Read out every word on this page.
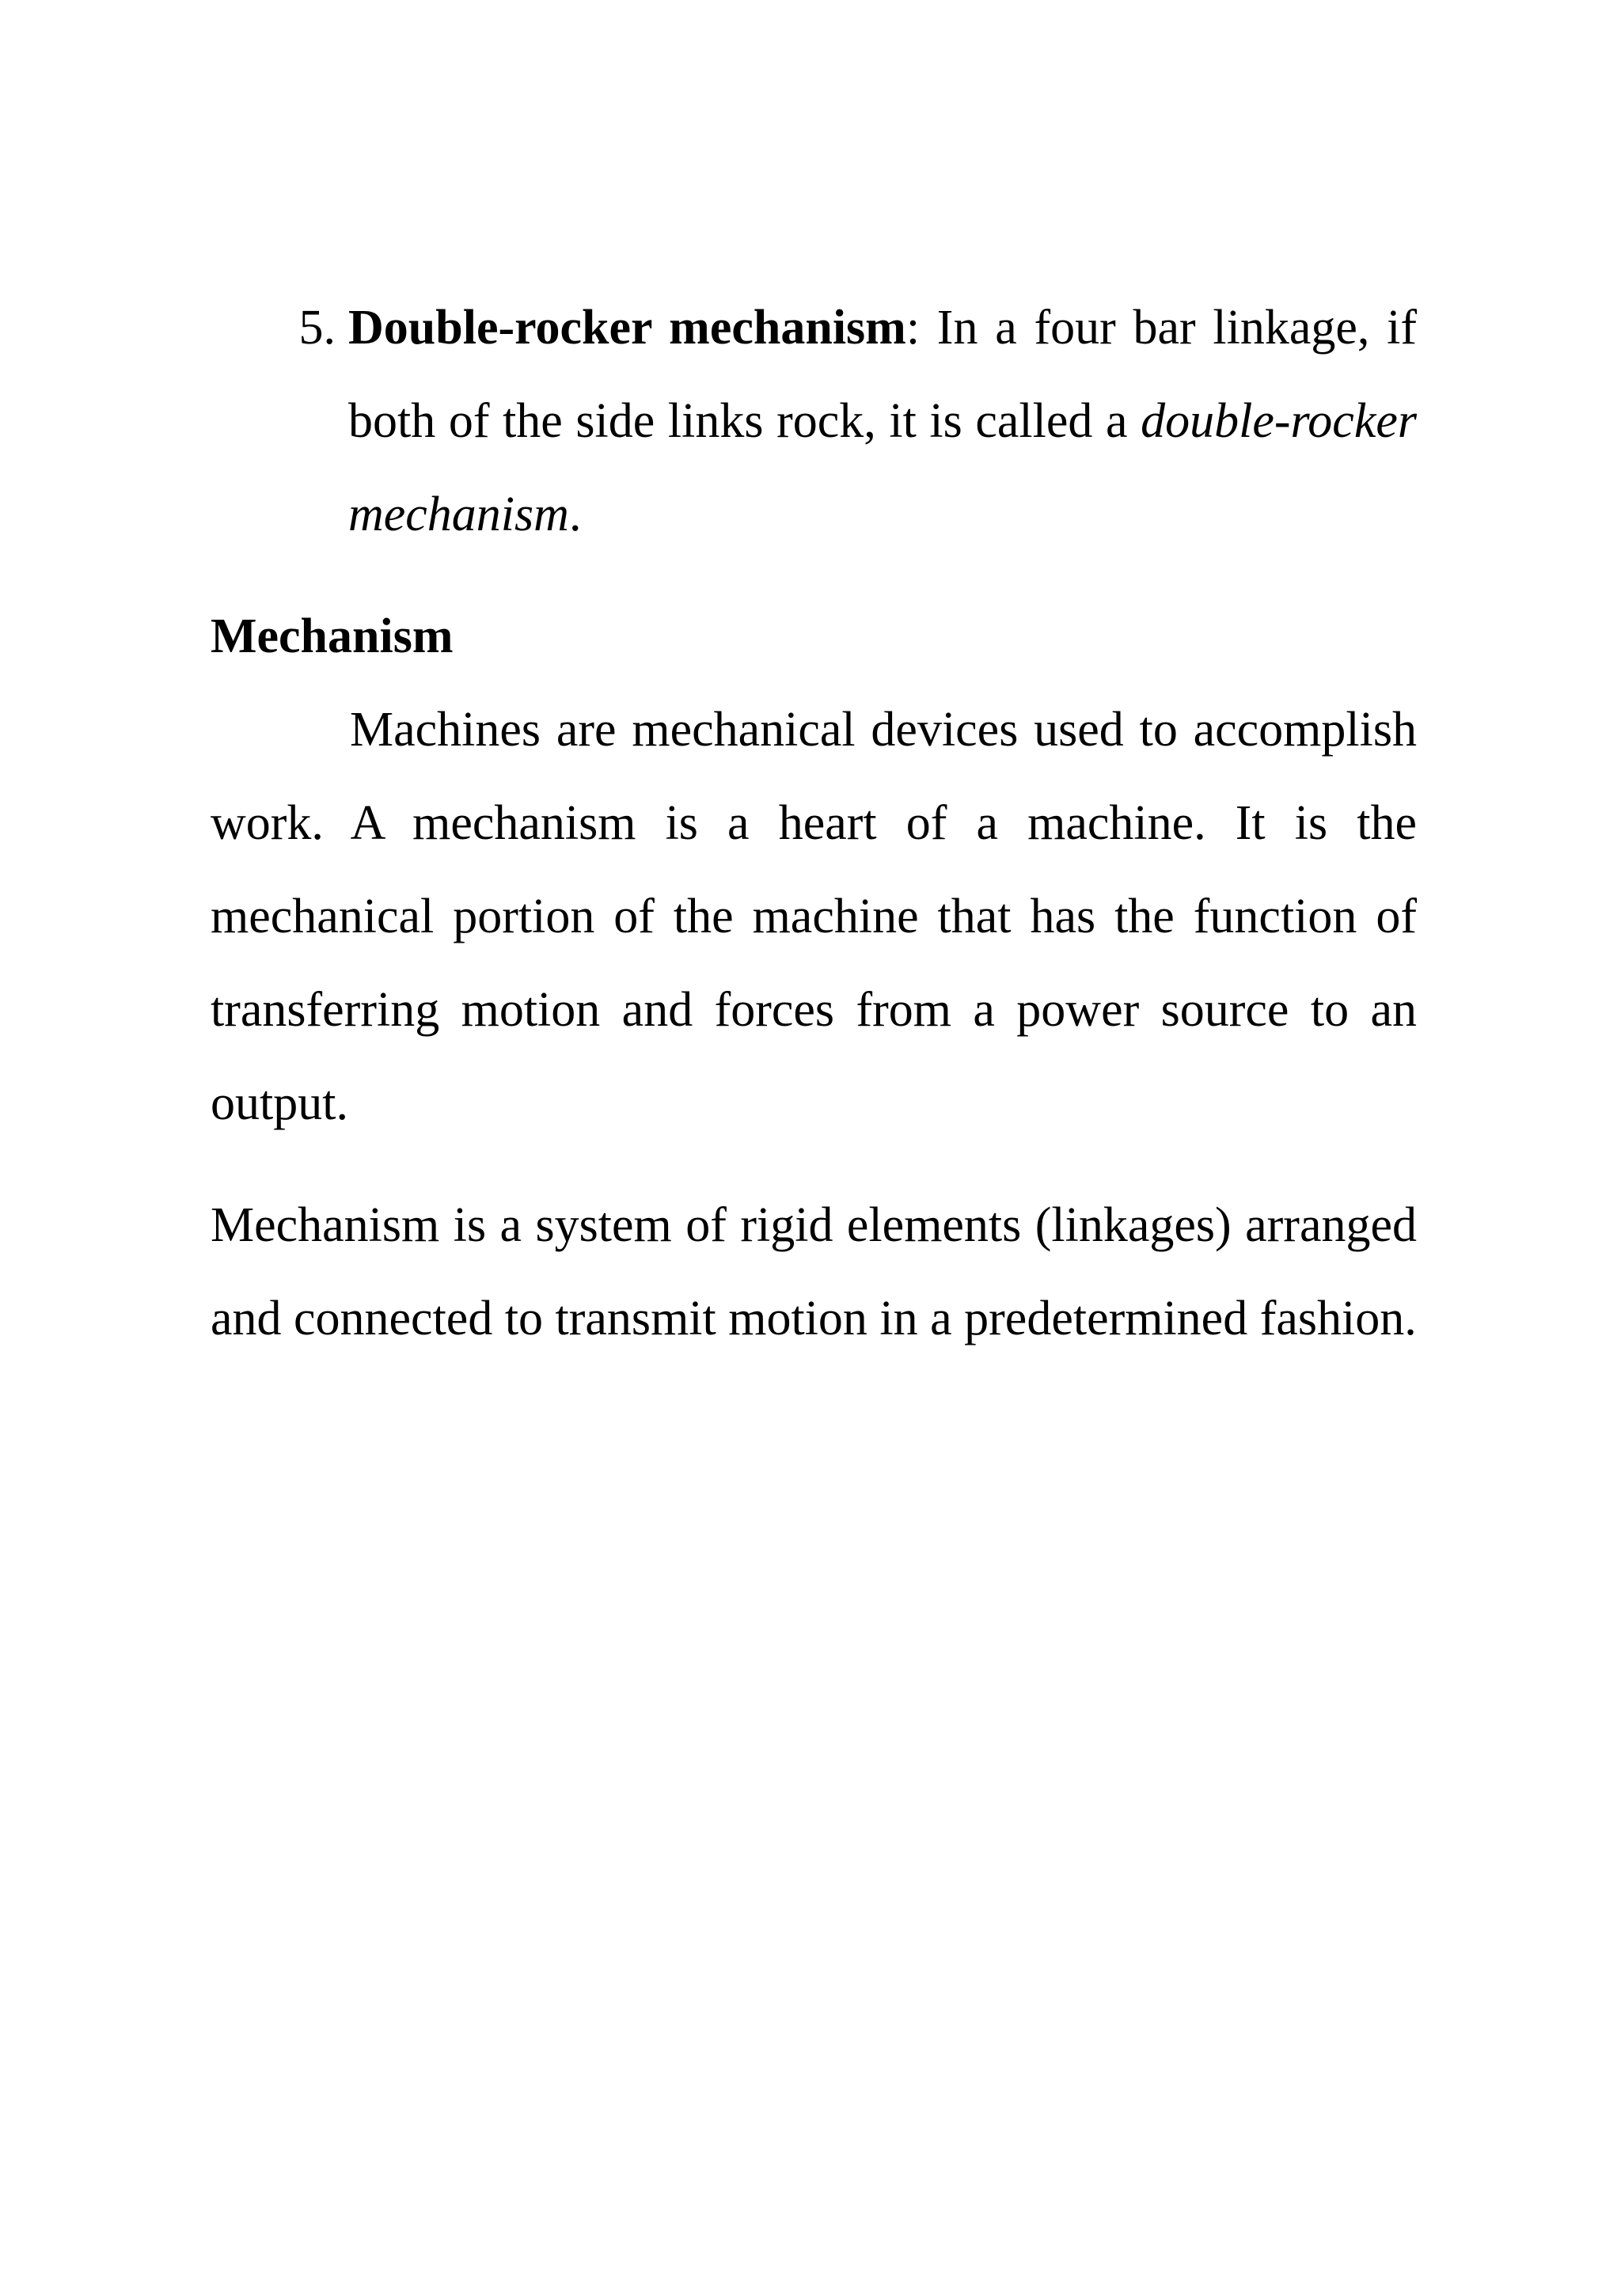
5. Double-rocker mechanism: In a four bar linkage, if both of the side links rock, it is called a double-rocker mechanism.
Mechanism

Machines are mechanical devices used to accomplish work. A mechanism is a heart of a machine. It is the mechanical portion of the machine that has the function of transferring motion and forces from a power source to an output.

Mechanism is a system of rigid elements (linkages) arranged and connected to transmit motion in a predetermined fashion.
